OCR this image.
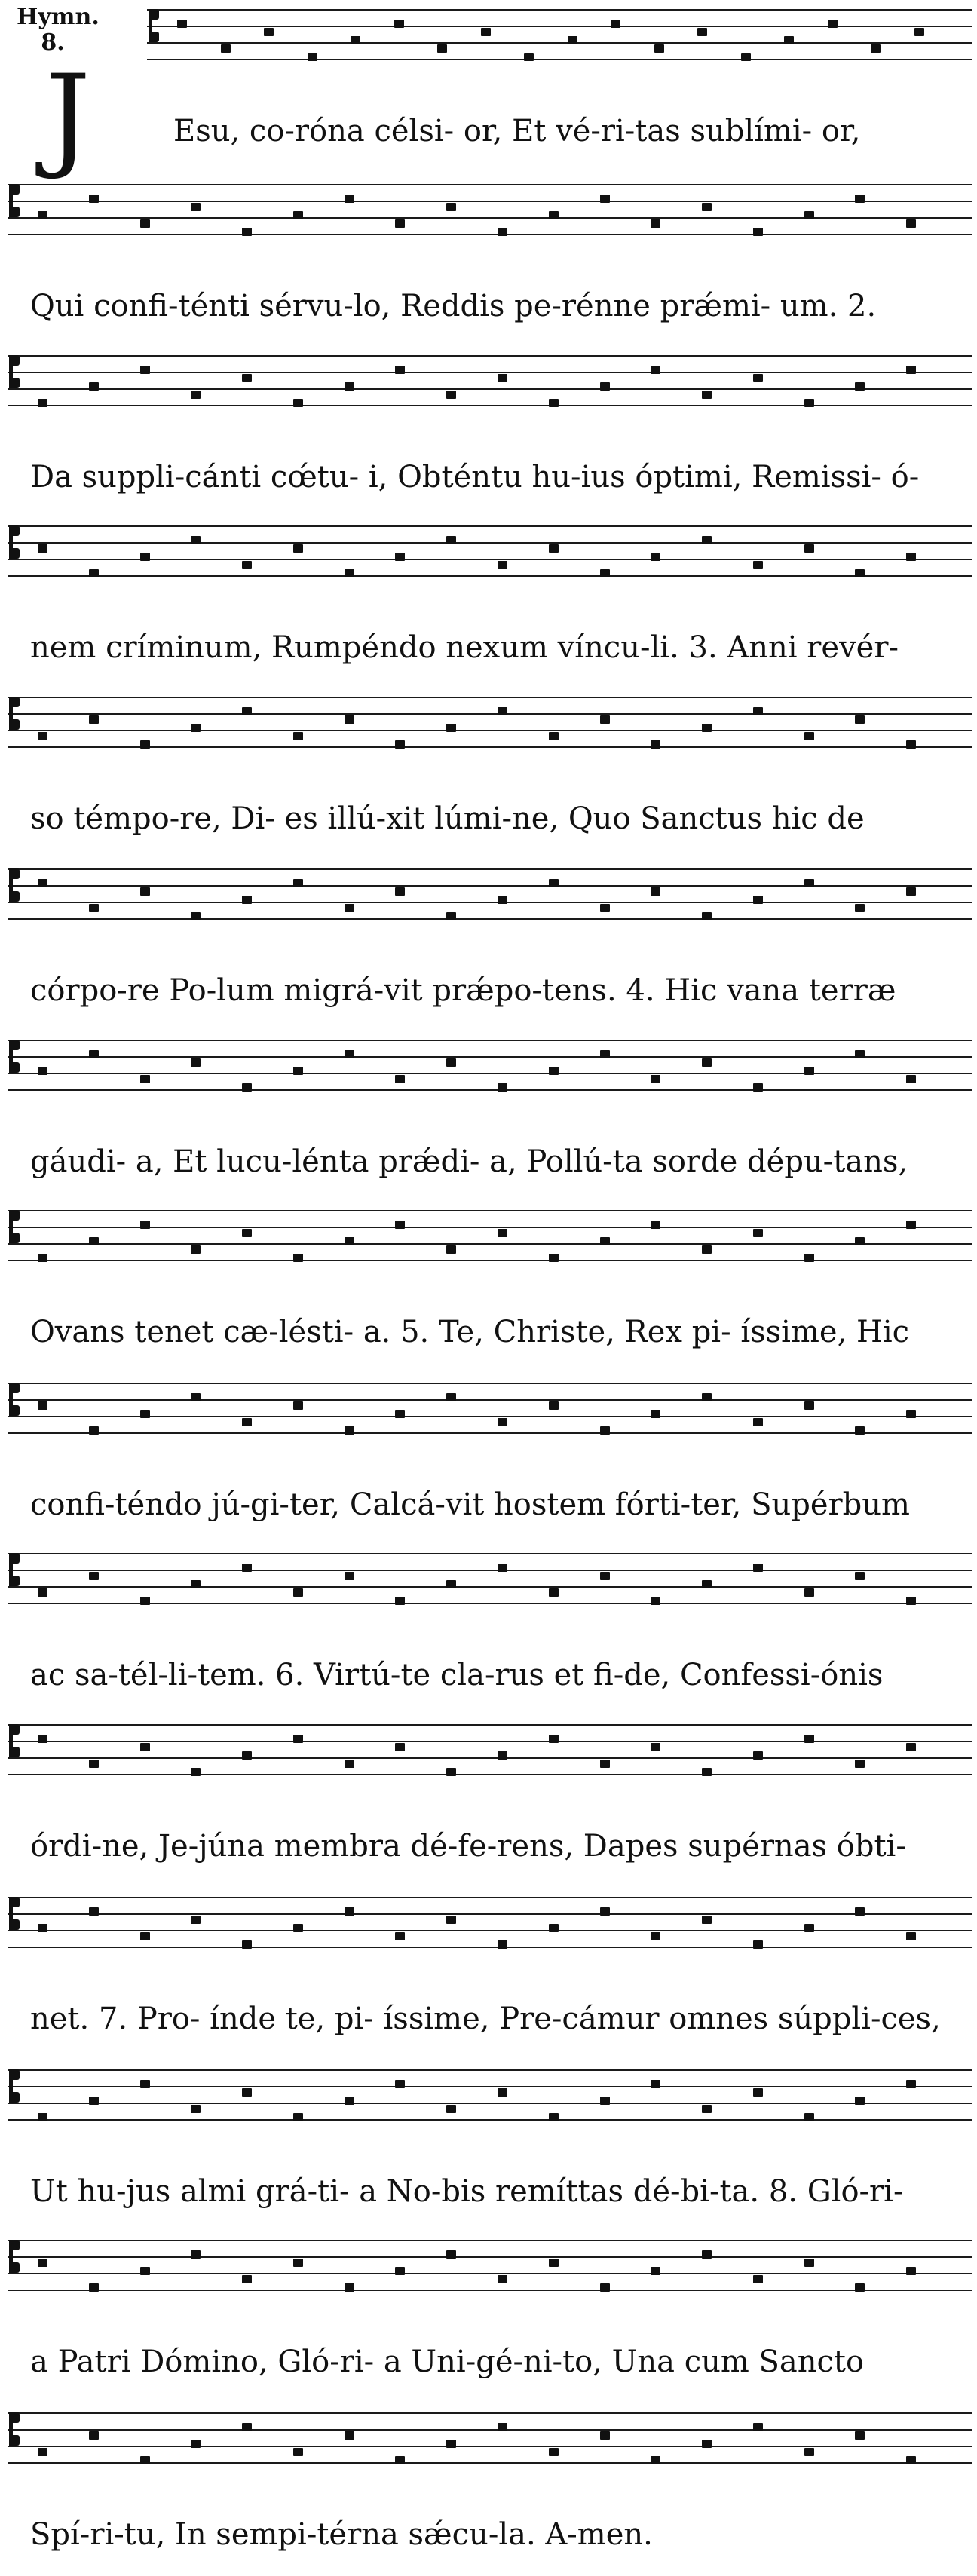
Hymn. 8.
J	Esu, co-róna célsi- or, Et vé-ri-tas sublími- or,
Qui confi-ténti sérvu-lo, Reddis pe-rénne prǽmi- um. 2.
Da suppli-cánti cœ́tu- i, Obténtu hu-ius óptimi, Remissi- ó-
nem críminum, Rumpéndo nexum víncu-li. 3. Anni revér-
so témpo-re, Di- es illú-xit lúmi-ne, Quo Sanctus hic de
córpo-re Po-lum migrá-vit prǽpo-tens. 4. Hic vana terræ
gáudi- a, Et lucu-lénta prǽdi- a, Pollú-ta sorde dépu-tans,
Ovans tenet cæ-lésti- a. 5. Te, Christe, Rex pi- íssime, Hic
confi-téndo jú-gi-ter, Calcá-vit hostem fórti-ter, Supérbum
ac sa-tél-li-tem. 6. Virtú-te cla-rus et fi-de, Confessi-ónis
órdi-ne, Je-júna membra dé-fe-rens, Dapes supérnas óbti-
net. 7. Pro- índe te, pi- íssime, Pre-cámur omnes súppli-ces,
Ut hu-jus almi grá-ti- a No-bis remíttas dé-bi-ta. 8. Gló-ri-
a Patri Dómino, Gló-ri- a Uni-gé-ni-to, Una cum Sancto
Spí-ri-tu, In sempi-térna sǽcu-la. A-men.
